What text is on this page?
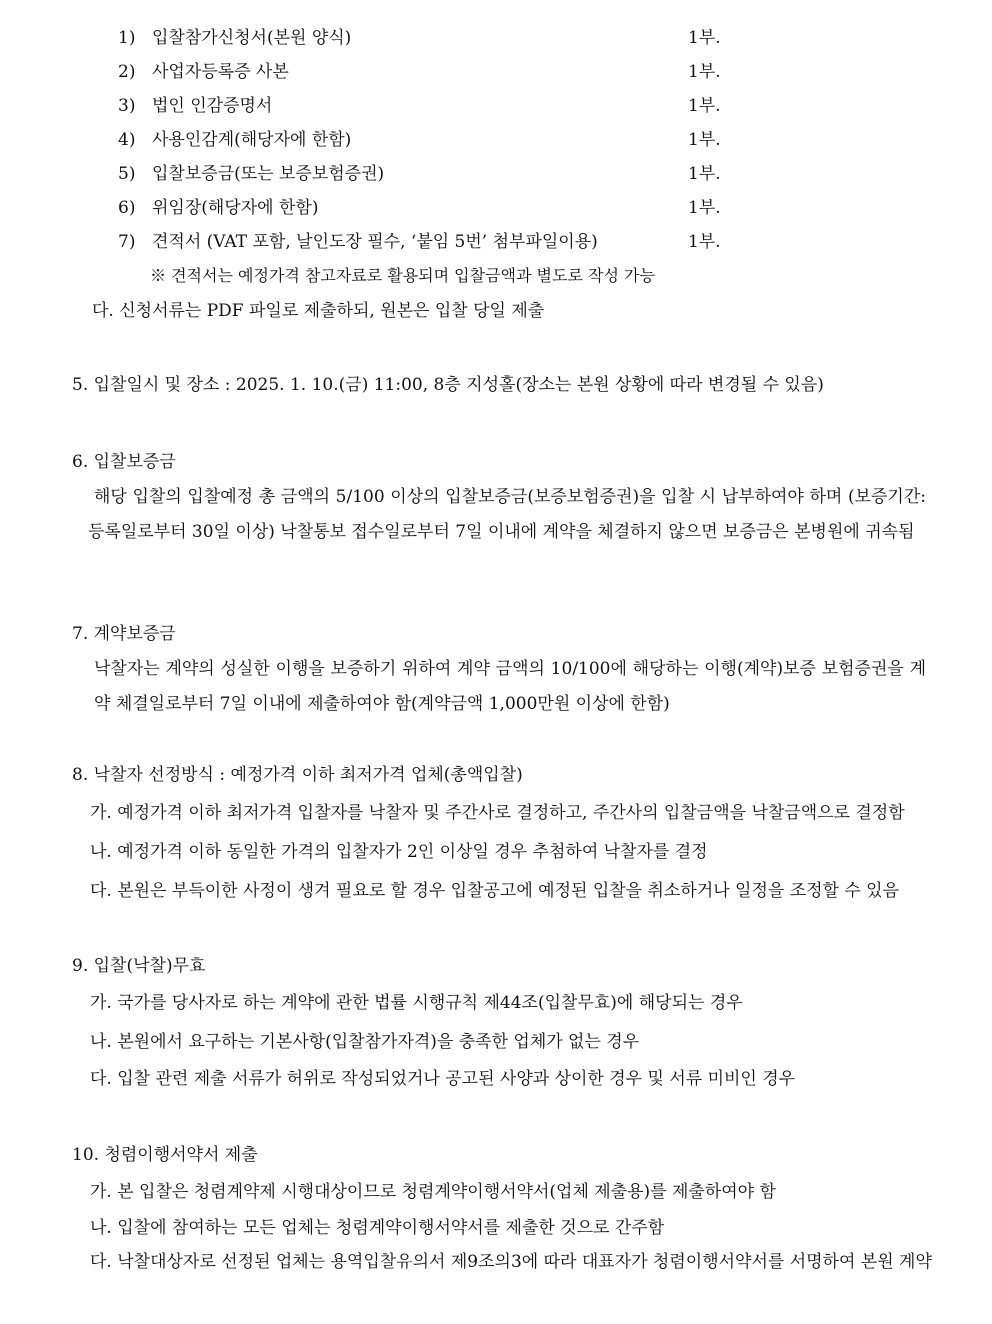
1) 입찰참가신청서(본원 양식)	1부.
2) 사업자등록증 사본	1부.
3) 법인 인감증명서	1부.
4) 사용인감계(해당자에 한함)	1부.
5) 입찰보증금(또는 보증보험증권)	1부.
6) 위임장(해당자에 한함)	1부.
7) 견적서 (VAT 포함, 날인도장 필수, ‘붙임 5번’ 첨부파일이용)	1부.
※ 견적서는 예정가격 참고자료로 활용되며 입찰금액과 별도로 작성 가능
다. 신청서류는 PDF 파일로 제출하되, 원본은 입찰 당일 제출
5. 입찰일시 및 장소 : 2025. 1. 10.(금) 11:00, 8층 지성홀(장소는 본원 상황에 따라 변경될 수 있음)
6. 입찰보증금
해당 입찰의 입찰예정 총 금액의 5/100 이상의 입찰보증금(보증보험증권)을 입찰 시 납부하여야 하며 (보증기간: 등록일로부터 30일 이상) 낙찰통보 접수일로부터 7일 이내에 계약을 체결하지 않으면 보증금은 본병원에 귀속됨
7. 계약보증금
낙찰자는 계약의 성실한 이행을 보증하기 위하여 계약 금액의 10/100에 해당하는 이행(계약)보증 보험증권을 계약 체결일로부터 7일 이내에 제출하여야 함(계약금액 1,000만원 이상에 한함)
8. 낙찰자 선정방식 : 예정가격 이하 최저가격 업체(총액입찰)
가. 예정가격 이하 최저가격 입찰자를 낙찰자 및 주간사로 결정하고, 주간사의 입찰금액을 낙찰금액으로 결정함
나. 예정가격 이하 동일한 가격의 입찰자가 2인 이상일 경우 추첨하여 낙찰자를 결정
다. 본원은 부득이한 사정이 생겨 필요로 할 경우 입찰공고에 예정된 입찰을 취소하거나 일정을 조정할 수 있음
9. 입찰(낙찰)무효
가. 국가를 당사자로 하는 계약에 관한 법률 시행규칙 제44조(입찰무효)에 해당되는 경우
나. 본원에서 요구하는 기본사항(입찰참가자격)을 충족한 업체가 없는 경우
다. 입찰 관련 제출 서류가 허위로 작성되었거나 공고된 사양과 상이한 경우 및 서류 미비인 경우
10. 청렴이행서약서 제출
가. 본 입찰은 청렴계약제 시행대상이므로 청렴계약이행서약서(업체 제출용)를 제출하여야 함
나. 입찰에 참여하는 모든 업체는 청렴계약이행서약서를 제출한 것으로 간주함
다. 낙찰대상자로 선정된 업체는 용역입찰유의서 제9조의3에 따라 대표자가 청렴이행서약서를 서명하여 본원 계약
